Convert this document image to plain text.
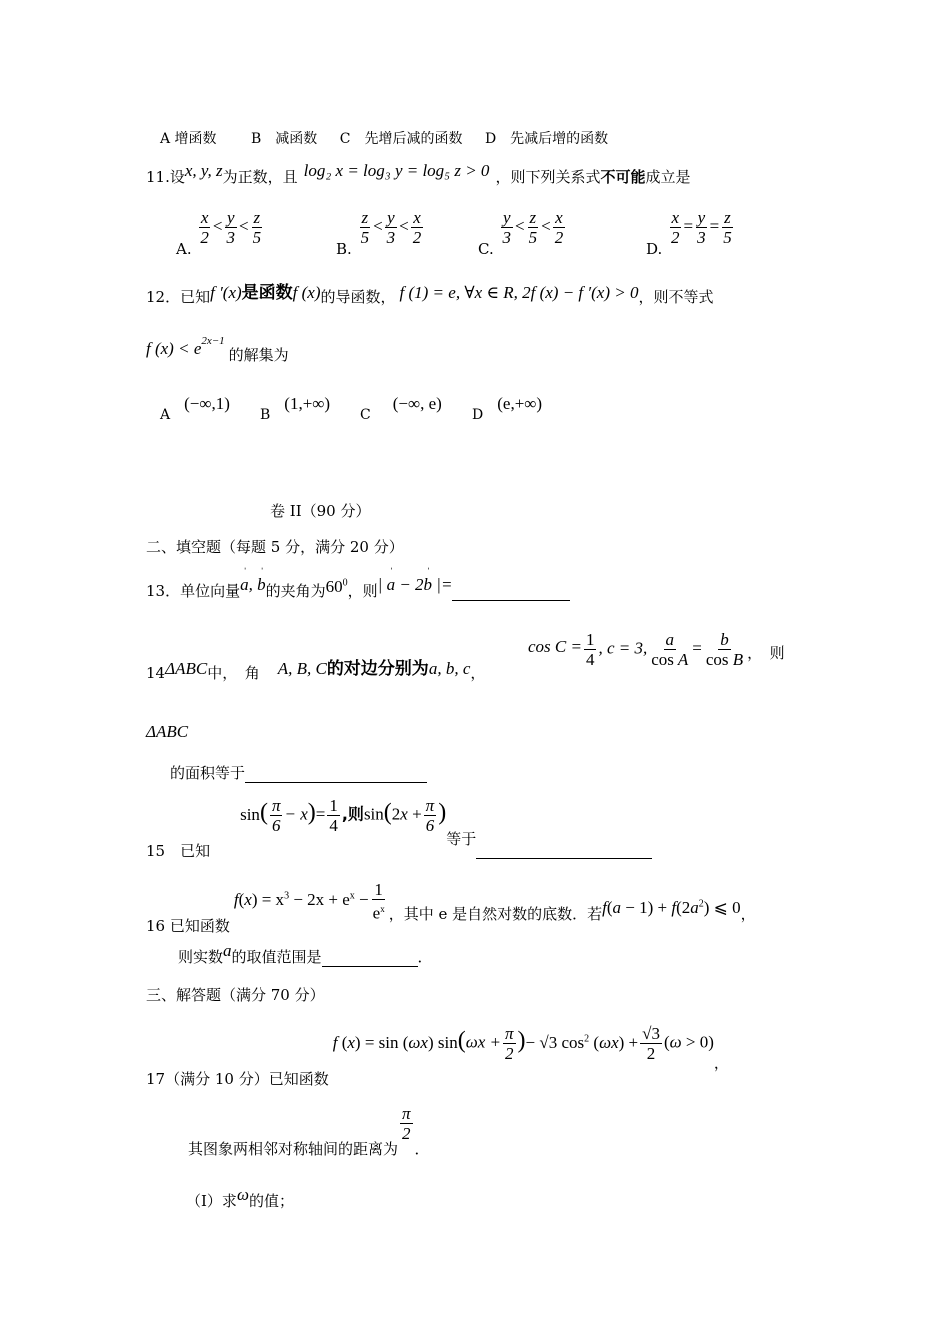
A 增函数 B　减函数 C　先增后减的函数 D　先减后增的函数
11.设x, y, z为正数，且 log₂ x = log₃ y = log₅ z > 0 ，则下列关系式不可能成立是
A.
$\frac{x}{2} < \frac{y}{3} < \frac{z}{5}$
B.
$\frac{z}{5} < \frac{y}{3} < \frac{x}{2}$
C.
$\frac{y}{3} < \frac{z}{5} < \frac{x}{2}$
D.
$\frac{x}{2} = \frac{y}{3} = \frac{z}{5}$
12．已知f ′(x)是函数f (x)的导函数， f (1) = e, ∀x ∈ R, 2f (x) − f ′(x) > 0，则不等式
f $(x) < e^{2x-1}$的解集为
A(−∞,1)
B(1,+∞)
C(−∞, e)
D(e,+∞)
卷 II（90 分）
二、填空题（每题 5 分，满分 20 分）
13．单位向量ˈ a, ˈ b的夹角为$60^0$，则| ˈ a − 2ˈ b |=
14ΔABC中，　角 A, B, C的对边分别为a, b, c，
$\cos C = \frac{1}{4}$ , c = 3, $\frac{a}{\text{cos A}} = \frac{b}{\text{cos B}}$ ，　则
ΔABC
的面积等于
15　已知$\sin( \frac{\pi}{6} - x)= \frac{1}{4}$ ,则$\sin(2x + \frac{\pi}{6}$ )等于
16 已知函数$f(x) = x^3 - 2x + e^x - \frac{1}{e^x}$ ，其中 e 是自然对数的底数．若$f(a - 1) + f(2a^2)$ ⩽ 0，
则实数a的取值范围是	．
三、解答题（满分 70 分）
17（满分 10 分）已知函数f (x) = sin (ωx) $\sin(\omega x + \frac{\pi}{2}$ )− √3 $\cos^2 (\omega x) + \frac{√3}{2} (\omega > 0)$，
其图象两相邻对称轴间的距离为
$\frac{\pi}{2}$
．
（Ⅰ）求ω的值；
